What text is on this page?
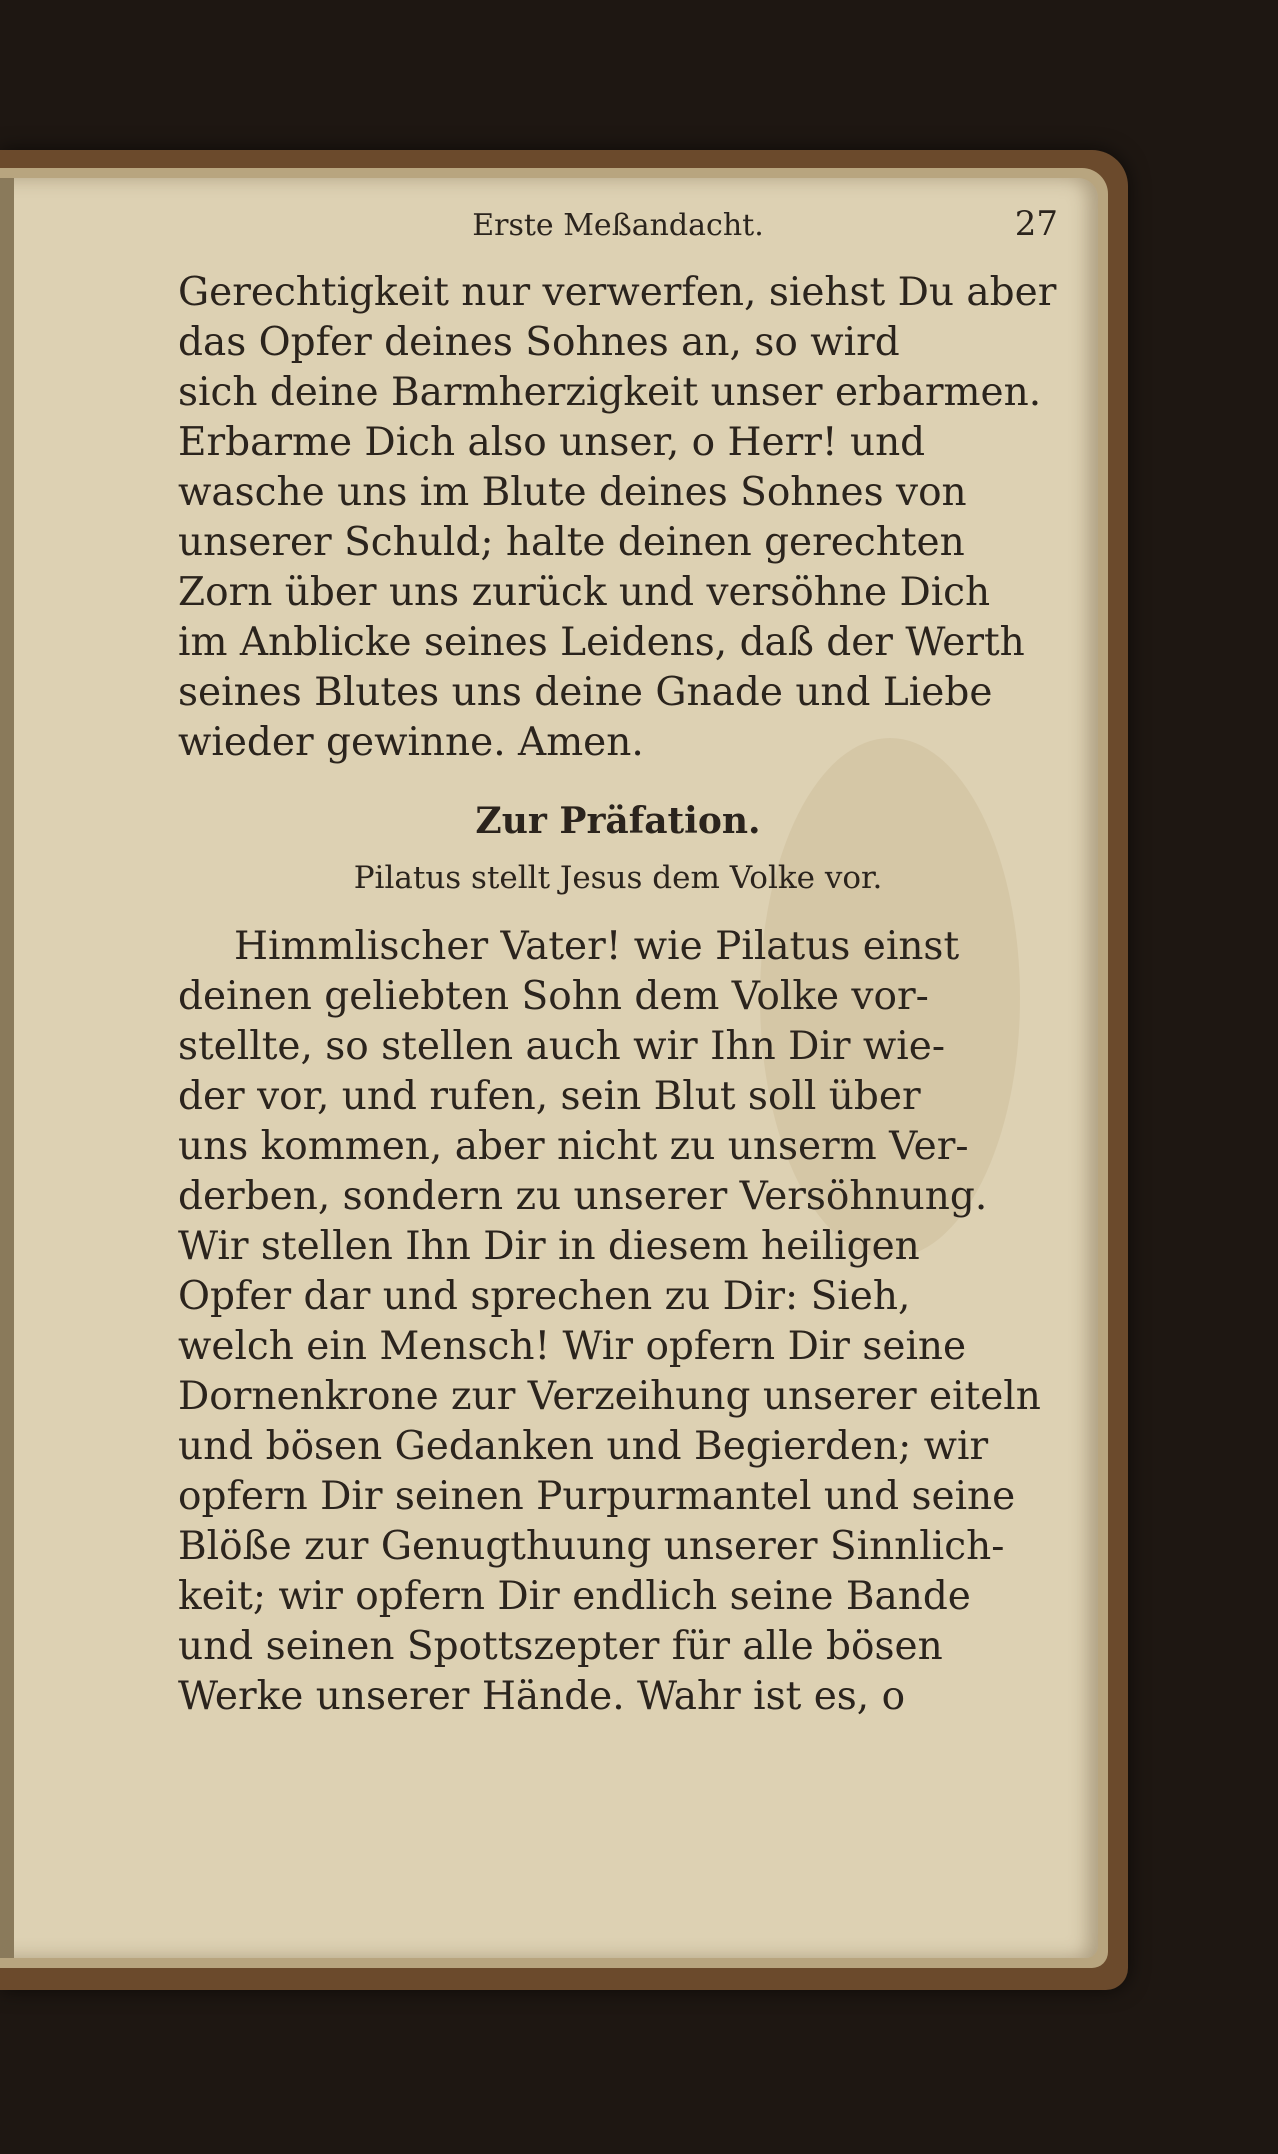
Erste Meßandacht.	27
Gerechtigkeit nur verwerfen, siehst Du aber
das Opfer deines Sohnes an, so wird
sich deine Barmherzigkeit unser erbarmen.
Erbarme Dich also unser, o Herr! und
wasche uns im Blute deines Sohnes von
unserer Schuld; halte deinen gerechten
Zorn über uns zurück und versöhne Dich
im Anblicke seines Leidens, daß der Werth
seines Blutes uns deine Gnade und Liebe
wieder gewinne. Amen.
Zur Präfation.
Pilatus stellt Jesus dem Volke vor.
Himmlischer Vater! wie Pilatus einst
deinen geliebten Sohn dem Volke vor-
stellte, so stellen auch wir Ihn Dir wie-
der vor, und rufen, sein Blut soll über
uns kommen, aber nicht zu unserm Ver-
derben, sondern zu unserer Versöhnung.
Wir stellen Ihn Dir in diesem heiligen
Opfer dar und sprechen zu Dir: Sieh,
welch ein Mensch! Wir opfern Dir seine
Dornenkrone zur Verzeihung unserer eiteln
und bösen Gedanken und Begierden; wir
opfern Dir seinen Purpurmantel und seine
Blöße zur Genugthuung unserer Sinnlich-
keit; wir opfern Dir endlich seine Bande
und seinen Spottszepter für alle bösen
Werke unserer Hände. Wahr ist es, o
